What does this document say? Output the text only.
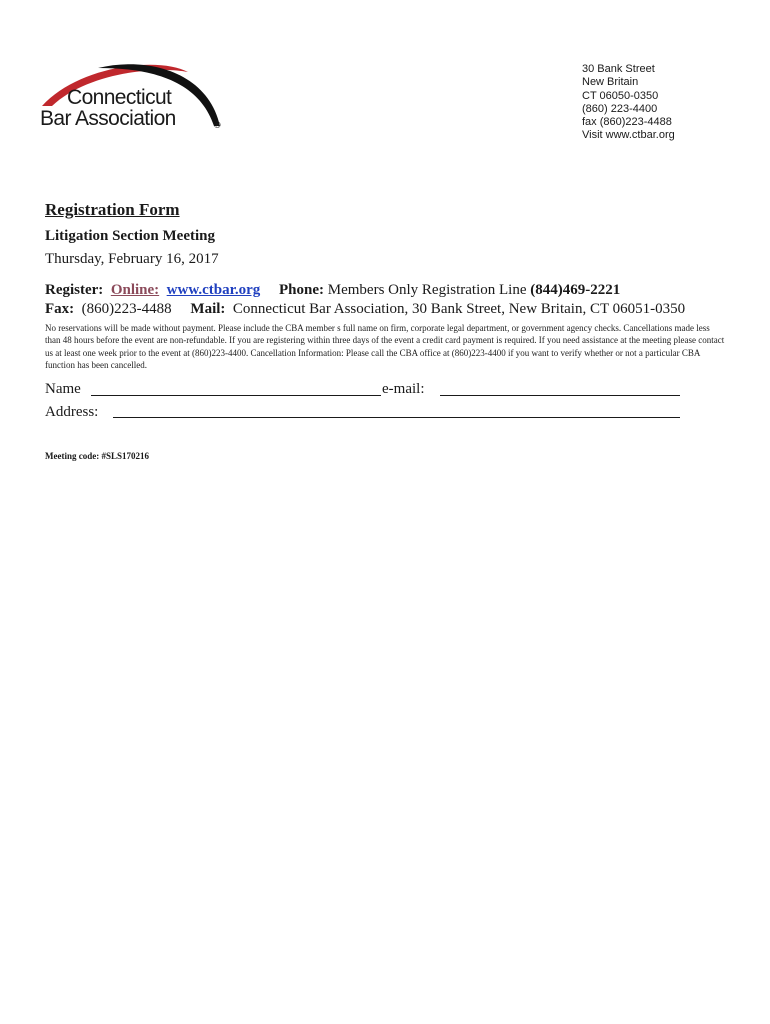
Connecticut
Bar Association	®
30 Bank Street
New Britain
CT 06050-0350
(860) 223-4400
fax (860)223-4488
Visit www.ctbar.org
Registration Form
Litigation Section Meeting
Thursday, February 16, 2017
Register: Online: www.ctbar.org Phone: Members Only Registration Line (844)469-2221
Fax: (860)223-4488 Mail: Connecticut Bar Association, 30 Bank Street, New Britain, CT 06051-0350
No reservations will be made without payment. Please include the CBA member s full name on firm, corporate legal department, or government agency checks. Cancellations made less than 48 hours before the event are non-refundable. If you are registering within three days of the event a credit card payment is required. If you need assistance at the meeting please contact us at least one week prior to the event at (860)223-4400. Cancellation Information: Please call the CBA office at (860)223-4400 if you want to verify whether or not a particular CBA function has been cancelled.
Name	e-mail:
Address:
Meeting code: #SLS170216
